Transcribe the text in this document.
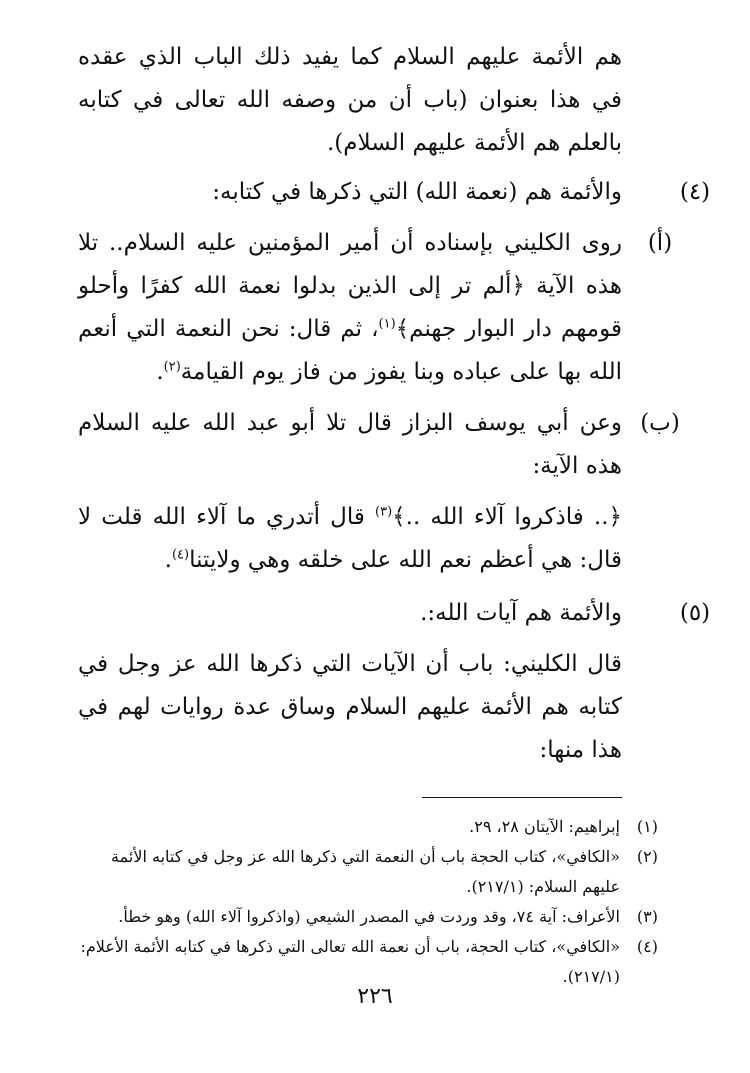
هم الأئمة عليهم السلام كما يفيد ذلك الباب الذي عقده في هذا بعنوان (باب أن من وصفه الله تعالى في كتابه بالعلم هم الأئمة عليهم السلام).

(٤)
والأئمة هم (نعمة الله) التي ذكرها في كتابه:

(أ)
روى الكليني بإسناده أن أمير المؤمنين عليه السلام.. تلا هذه الآية ﴿ألم تر إلى الذين بدلوا نعمة الله كفرًا وأحلو قومهم دار البوار جهنم﴾$^{(١)}$، ثم قال: نحن النعمة التي أنعم الله بها على عباده وبنا يفوز من فاز يوم القيامة$^{(٢)}$.

(ب)
وعن أبي يوسف البزاز قال تلا أبو عبد الله عليه السلام هذه الآية:

﴿.. فاذكروا آلاء الله ..﴾$^{(٣)}$ قال أتدري ما آلاء الله قلت لا قال: هي أعظم نعم الله على خلقه وهي ولايتنا$^{(٤)}$.

(٥)
والأئمة هم آيات الله:.

قال الكليني: باب أن الآيات التي ذكرها الله عز وجل في كتابه هم الأئمة عليهم السلام وساق عدة روايات لهم في هذا منها:

(١)
إبراهيم: الآيتان ٢٨، ٢٩.

(٢)
«الكافي»، كتاب الحجة باب أن النعمة التي ذكرها الله عز وجل في كتابه الأئمة عليهم السلام: (٢١٧/١).

(٣)
الأعراف: آية ٧٤، وقد وردت في المصدر الشيعي (واذكروا آلاء الله) وهو خطأ.

(٤)
«الكافي»، كتاب الحجة، باب أن نعمة الله تعالى التي ذكرها في كتابه الأئمة الأعلام: (٢١٧/١).

٢٢٦
